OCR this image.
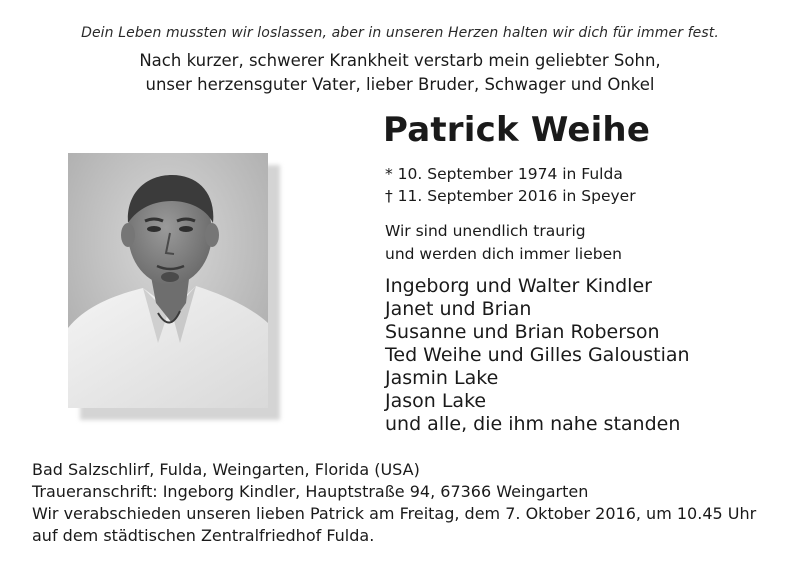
Dein Leben mussten wir loslassen, aber in unseren Herzen halten wir dich für immer fest.
Nach kurzer, schwerer Krankheit verstarb mein geliebter Sohn,
unser herzensguter Vater, lieber Bruder, Schwager und Onkel
Patrick Weihe
* 10. September 1974 in Fulda
† 11. September 2016 in Speyer
Wir sind unendlich traurig
und werden dich immer lieben
Ingeborg und Walter Kindler
Janet und Brian
Susanne und Brian Roberson
Ted Weihe und Gilles Galoustian
Jasmin Lake
Jason Lake
und alle, die ihm nahe standen
Bad Salzschlirf, Fulda, Weingarten, Florida (USA)
Traueranschrift: Ingeborg Kindler, Hauptstraße 94, 67366 Weingarten
Wir verabschieden unseren lieben Patrick am Freitag, dem 7. Oktober 2016, um 10.45 Uhr
auf dem städtischen Zentralfriedhof Fulda.
